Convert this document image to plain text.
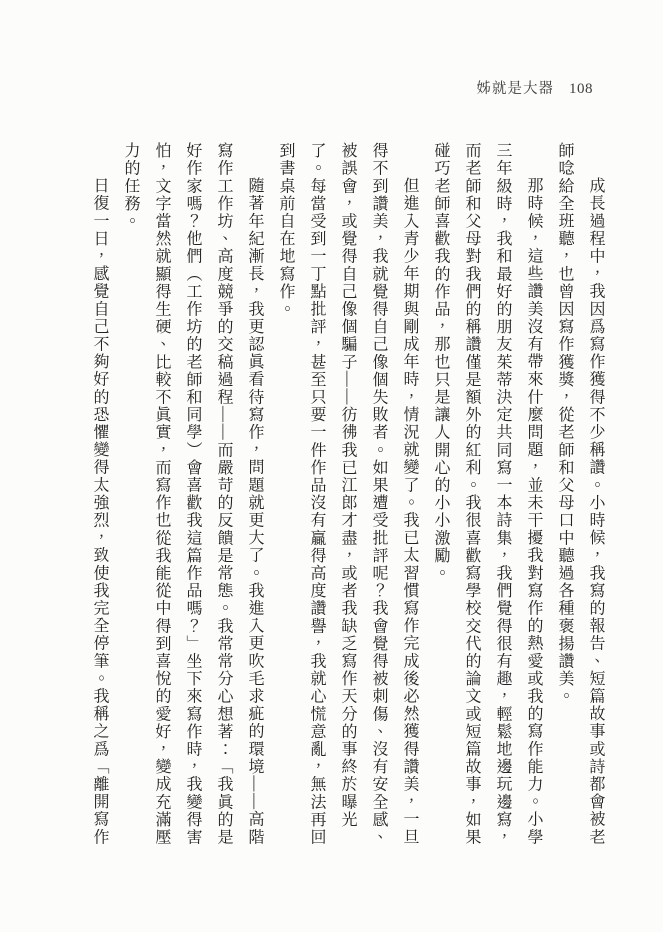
姊就是大器 108

成長過程中，我因爲寫作獲得不少稱讚。小時候，我寫的報告、短篇故事或詩都會被老師唸給全班聽，也曾因寫作獲獎，從老師和父母口中聽過各種褒揚讚美。

那時候，這些讚美沒有帶來什麼問題，並未干擾我對寫作的熱愛或我的寫作能力。小學三年級時，我和最好的朋友茱蒂決定共同寫一本詩集，我們覺得很有趣，輕鬆地邊玩邊寫，而老師和父母對我們的稱讚僅是額外的紅利。我很喜歡寫學校交代的論文或短篇故事，如果碰巧老師喜歡我的作品，那也只是讓人開心的小小激勵。

但進入青少年期與剛成年時，情況就變了。我已太習慣寫作完成後必然獲得讚美，一旦得不到讚美，我就覺得自己像個失敗者。如果遭受批評呢？我會覺得被刺傷、沒有安全感、被誤會，或覺得自己像個騙子——彷彿我已江郎才盡，或者我缺乏寫作天分的事終於曝光了。每當受到一丁點批評，甚至只要一件作品沒有贏得高度讚譽，我就心慌意亂，無法再回到書桌前自在地寫作。

隨著年紀漸長，我更認眞看待寫作，問題就更大了。我進入更吹毛求疵的環境——高階寫作工作坊、高度競爭的交稿過程——而嚴苛的反饋是常態。我常常分心想著：「我眞的是好作家嗎？他們（工作坊的老師和同學）會喜歡我這篇作品嗎？」坐下來寫作時，我變得害怕，文字當然就顯得生硬、比較不眞實，而寫作也從我能從中得到喜悅的愛好，變成充滿壓力的任務。

日復一日，感覺自己不夠好的恐懼變得太強烈，致使我完全停筆。我稱之爲「離開寫作
